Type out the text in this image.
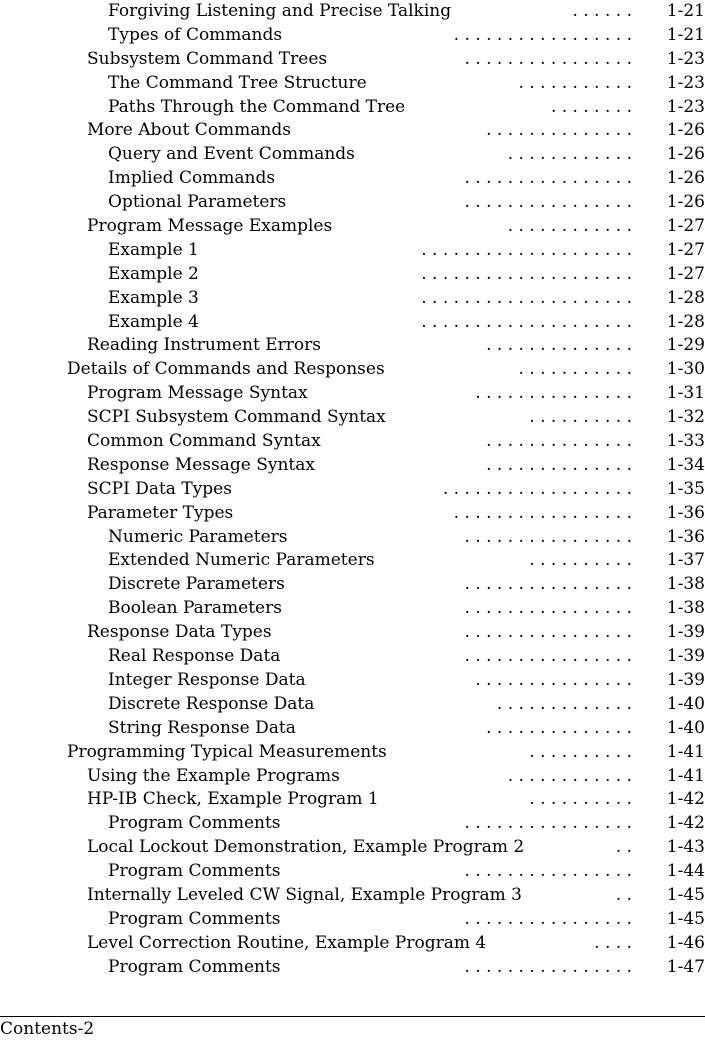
Forgiving Listening and Precise Talking	. . . . . . 1-21
Types of Commands	. . . . . . . . . . . . . . . . . 1-21
Subsystem Command Trees	. . . . . . . . . . . . . . . . 1-23
The Command Tree Structure	. . . . . . . . . . . 1-23
Paths Through the Command Tree	. . . . . . . . 1-23
More About Commands	. . . . . . . . . . . . . . 1-26
Query and Event Commands	. . . . . . . . . . . . 1-26
Implied Commands	. . . . . . . . . . . . . . . . 1-26
Optional Parameters	. . . . . . . . . . . . . . . . 1-26
Program Message Examples	. . . . . . . . . . . . 1-27
Example 1	. . . . . . . . . . . . . . . . . . . . 1-27
Example 2	. . . . . . . . . . . . . . . . . . . . 1-27
Example 3	. . . . . . . . . . . . . . . . . . . . 1-28
Example 4	. . . . . . . . . . . . . . . . . . . . 1-28
Reading Instrument Errors	. . . . . . . . . . . . . . 1-29
Details of Commands and Responses	. . . . . . . . . . . 1-30
Program Message Syntax	. . . . . . . . . . . . . . . 1-31
SCPI Subsystem Command Syntax	. . . . . . . . . . 1-32
Common Command Syntax	. . . . . . . . . . . . . . 1-33
Response Message Syntax	. . . . . . . . . . . . . . 1-34
SCPI Data Types	. . . . . . . . . . . . . . . . . . 1-35
Parameter Types	. . . . . . . . . . . . . . . . . 1-36
Numeric Parameters	. . . . . . . . . . . . . . . . 1-36
Extended Numeric Parameters	. . . . . . . . . . 1-37
Discrete Parameters	. . . . . . . . . . . . . . . . 1-38
Boolean Parameters	. . . . . . . . . . . . . . . . 1-38
Response Data Types	. . . . . . . . . . . . . . . . 1-39
Real Response Data	. . . . . . . . . . . . . . . . 1-39
Integer Response Data	. . . . . . . . . . . . . . . 1-39
Discrete Response Data	. . . . . . . . . . . . . 1-40
String Response Data	. . . . . . . . . . . . . . 1-40
Programming Typical Measurements	. . . . . . . . . . 1-41
Using the Example Programs	. . . . . . . . . . . . 1-41
HP-IB Check, Example Program 1	. . . . . . . . . . 1-42
Program Comments	. . . . . . . . . . . . . . . . 1-42
Local Lockout Demonstration, Example Program 2	. . 1-43
Program Comments	. . . . . . . . . . . . . . . . 1-44
Internally Leveled CW Signal, Example Program 3	. . 1-45
Program Comments	. . . . . . . . . . . . . . . . 1-45
Level Correction Routine, Example Program 4	. . . . 1-46
Program Comments	. . . . . . . . . . . . . . . . 1-47
Contents-2
